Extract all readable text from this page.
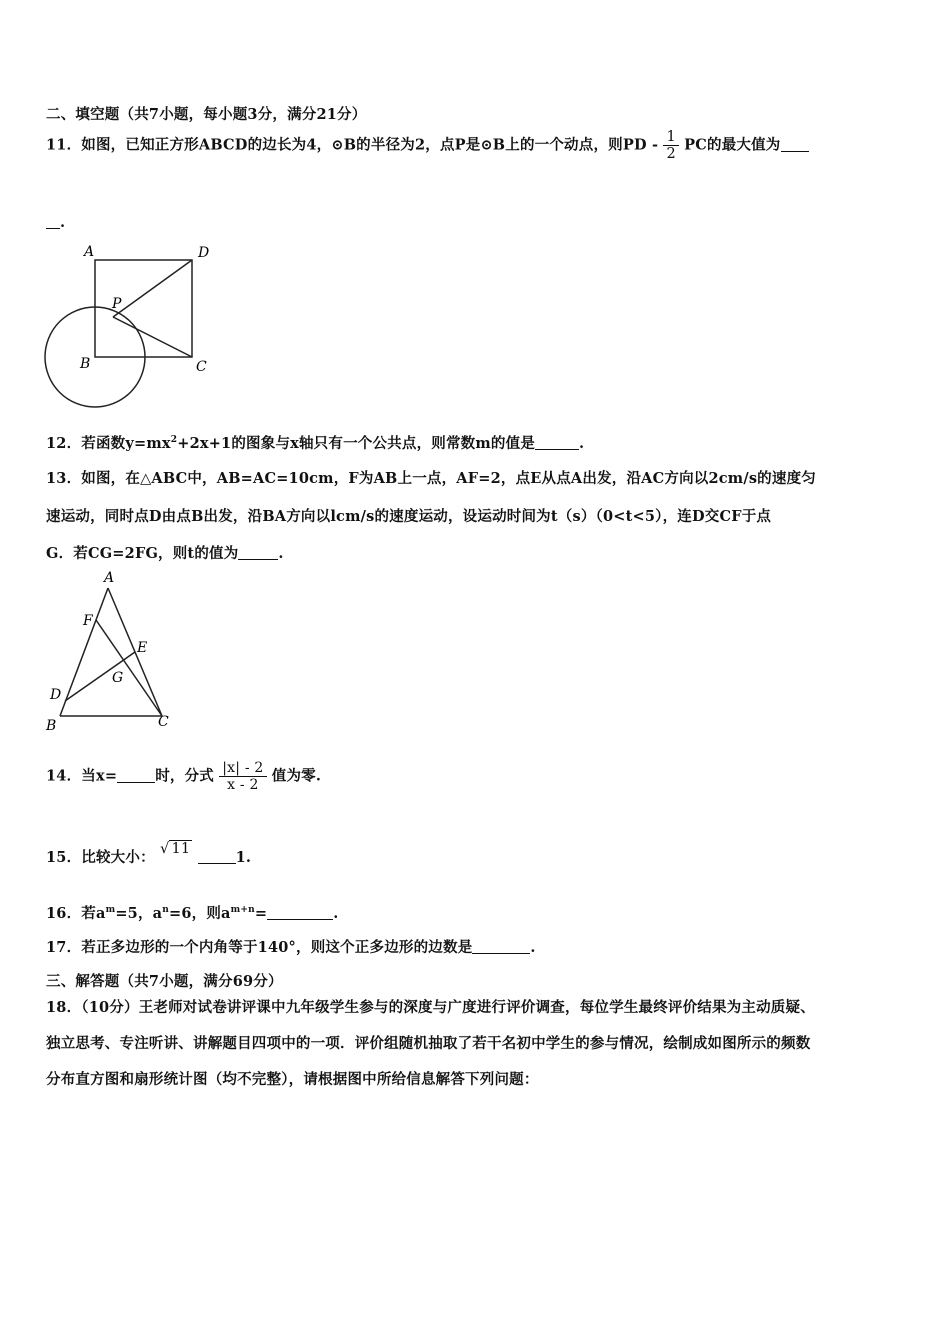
二、填空题（共7小题，每小题3分，满分21分）
11．如图，已知正方形ABCD的边长为4，⊙B的半径为2，点P是⊙B上的一个动点，则PD - $\frac{1}{2}$ PC的最大值为
.
A	D
P
B	C
12．若函数$y=mx^2+2x+1$的图象与x轴只有一个公共点，则常数m的值是	.
13．如图，在△ABC中，AB=AC=10cm，F为AB上一点，AF=2，点E从点A出发，沿AC方向以2cm/s的速度匀
速运动，同时点D由点B出发，沿BA方向以lcm/s的速度运动，设运动时间为t（s）（0<t<5），连D交CF于点
G．若CG=2FG，则t的值为	.
A
F
E
G
D
B	C
14．当x=	时，分式 $\frac{|x| - 2}{x - 2}$ 值为零.
15．比较大小： √ 11	1.
16．若$a^m=5$，$a^n=6$，则$a^{m+n}=$	.
17．若正多边形的一个内角等于140°，则这个正多边形的边数是	.
三、解答题（共7小题，满分69分）
18．（10分）王老师对试卷讲评课中九年级学生参与的深度与广度进行评价调查，每位学生最终评价结果为主动质疑、
独立思考、专注听讲、讲解题目四项中的一项．评价组随机抽取了若干名初中学生的参与情况，绘制成如图所示的频数
分布直方图和扇形统计图（均不完整），请根据图中所给信息解答下列问题：
